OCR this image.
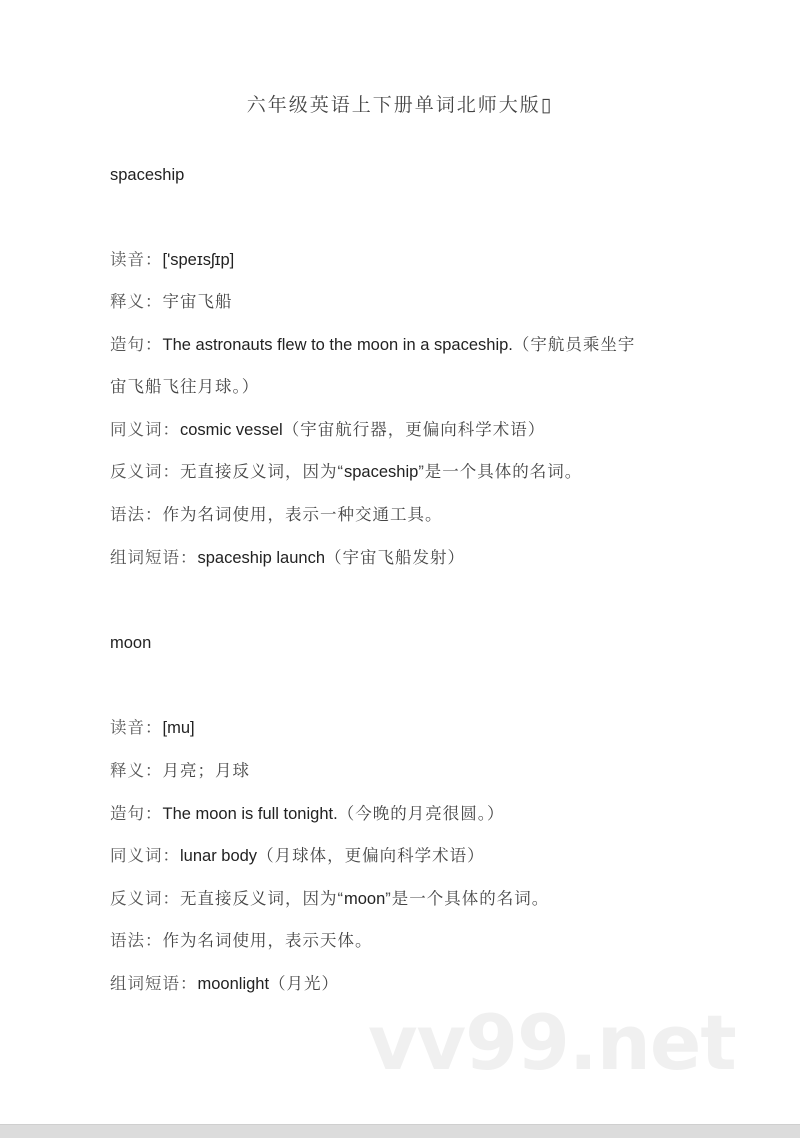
六年级英语上下册单词北师大版▯
spaceship
读音：['speɪsʃɪp]
释义：宇宙飞船
造句：The astronauts flew to the moon in a spaceship.（宇航员乘坐宇
宙飞船飞往月球。）
同义词：cosmic vessel（宇宙航行器，更偏向科学术语）
反义词：无直接反义词，因为“spaceship”是一个具体的名词。
语法：作为名词使用，表示一种交通工具。
组词短语：spaceship launch（宇宙飞船发射）
moon
读音：[mu]
释义：月亮；月球
造句：The moon is full tonight.（今晚的月亮很圆。）
同义词：lunar body（月球体，更偏向科学术语）
反义词：无直接反义词，因为“moon”是一个具体的名词。
语法：作为名词使用，表示天体。
组词短语：moonlight（月光）
vv99.net
